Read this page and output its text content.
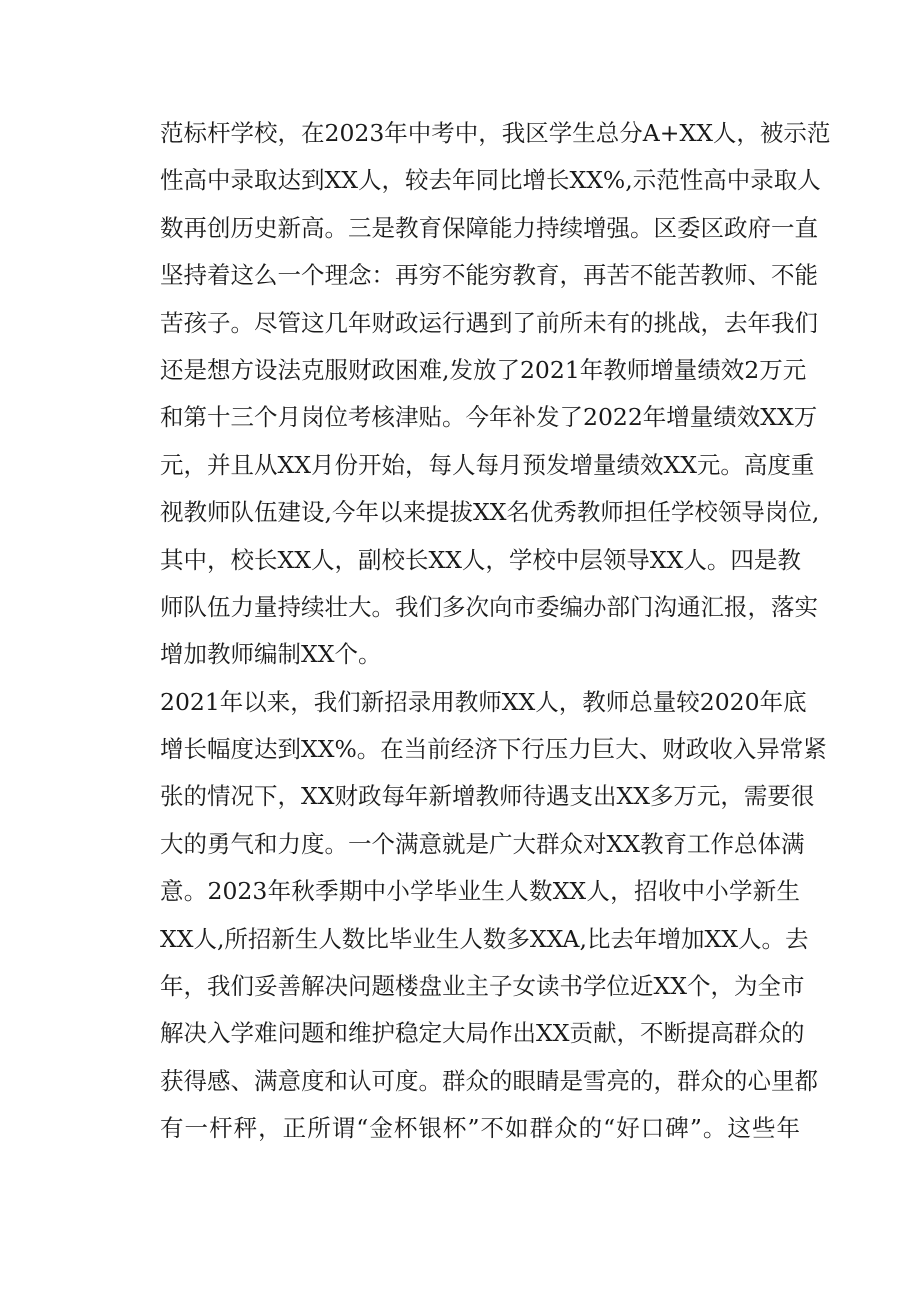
范标杆学校，在2023年中考中，我区学生总分A+XX人，被示范
性高中录取达到XX人，较去年同比增长XX%,示范性高中录取人
数再创历史新高。三是教育保障能力持续增强。区委区政府一直
坚持着这么一个理念：再穷不能穷教育，再苦不能苦教师、不能
苦孩子。尽管这几年财政运行遇到了前所未有的挑战，去年我们
还是想方设法克服财政困难,发放了2021年教师增量绩效2万元
和第十三个月岗位考核津贴。今年补发了2022年增量绩效XX万
元，并且从XX月份开始，每人每月预发增量绩效XX元。高度重
视教师队伍建设,今年以来提拔XX名优秀教师担任学校领导岗位,
其中，校长XX人，副校长XX人，学校中层领导XX人。四是教
师队伍力量持续壮大。我们多次向市委编办部门沟通汇报，落实
增加教师编制XX个。
2021年以来，我们新招录用教师XX人，教师总量较2020年底
增长幅度达到XX%。在当前经济下行压力巨大、财政收入异常紧
张的情况下，XX财政每年新增教师待遇支出XX多万元，需要很
大的勇气和力度。一个满意就是广大群众对XX教育工作总体满
意。2023年秋季期中小学毕业生人数XX人，招收中小学新生
XX人,所招新生人数比毕业生人数多XXA,比去年增加XX人。去
年，我们妥善解决问题楼盘业主子女读书学位近XX个，为全市
解决入学难问题和维护稳定大局作出XX贡献，不断提高群众的
获得感、满意度和认可度。群众的眼睛是雪亮的，群众的心里都
有一杆秤，正所谓“金杯银杯”不如群众的“好口碑”。这些年
